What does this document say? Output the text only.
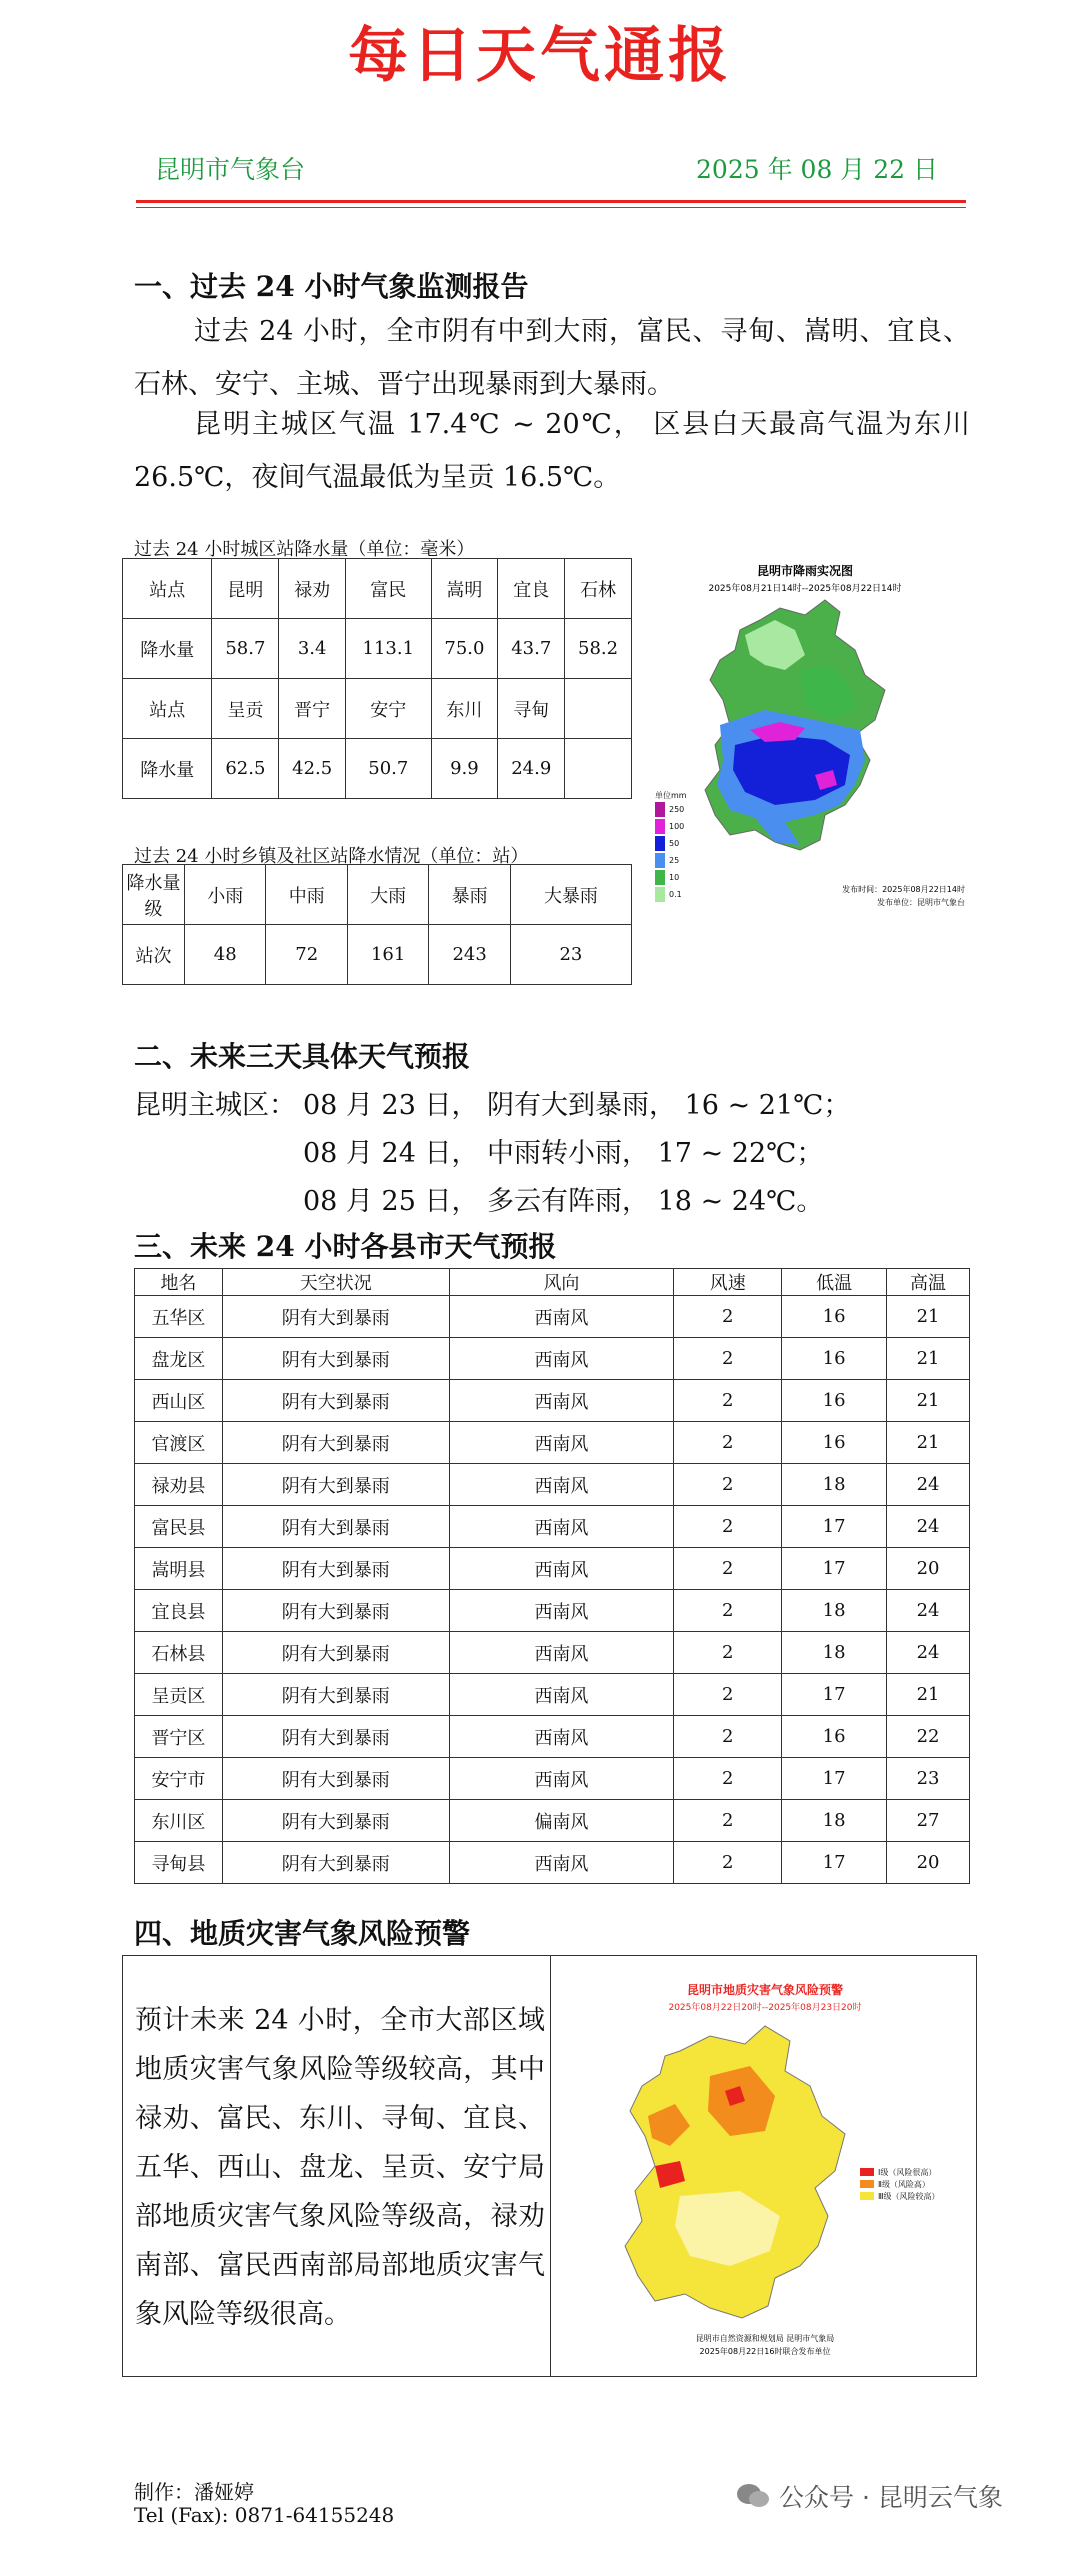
每日天气通报
昆明市气象台	2025 年 08 月 22 日
一、过去 24 小时气象监测报告
过去 24 小时，全市阴有中到大雨，富民、寻甸、嵩明、宜良、石林、安宁、主城、晋宁出现暴雨到大暴雨。
昆明主城区气温 17.4℃ ~ 20℃， 区县白天最高气温为东川 26.5℃，夜间气温最低为呈贡 16.5℃。
过去 24 小时城区站降水量（单位：毫米）
站点	昆明	禄劝	富民	嵩明	宜良	石林
降水量	58.7	3.4	113.1	75.0	43.7	58.2
站点	呈贡	晋宁	安宁	东川	寻甸	
降水量	62.5	42.5	50.7	9.9	24.9	
过去 24 小时乡镇及社区站降水情况（单位：站）
降水量级	小雨	中雨	大雨	暴雨	大暴雨
站次	48	72	161	243	23
昆明市降雨实况图
2025年08月21日14时--2025年08月22日14时
发布时间：2025年08月22日14时
发布单位：昆明市气象台
单位mm
250
100
50
25
10
0.1
二、未来三天具体天气预报
昆明主城区： 08 月 23 日， 阴有大到暴雨， 16 ~ 21℃；
08 月 24 日， 中雨转小雨， 17 ~ 22℃；
08 月 25 日， 多云有阵雨， 18 ~ 24℃。
三、未来 24 小时各县市天气预报
地名	天空状况	风向	风速	低温	高温
五华区	阴有大到暴雨	西南风	2	16	21
盘龙区	阴有大到暴雨	西南风	2	16	21
西山区	阴有大到暴雨	西南风	2	16	21
官渡区	阴有大到暴雨	西南风	2	16	21
禄劝县	阴有大到暴雨	西南风	2	18	24
富民县	阴有大到暴雨	西南风	2	17	24
嵩明县	阴有大到暴雨	西南风	2	17	20
宜良县	阴有大到暴雨	西南风	2	18	24
石林县	阴有大到暴雨	西南风	2	18	24
呈贡区	阴有大到暴雨	西南风	2	17	21
晋宁区	阴有大到暴雨	西南风	2	16	22
安宁市	阴有大到暴雨	西南风	2	17	23
东川区	阴有大到暴雨	偏南风	2	18	27
寻甸县	阴有大到暴雨	西南风	2	17	20
四、地质灾害气象风险预警
预计未来 24 小时，全市大部区域地质灾害气象风险等级较高，其中禄劝、富民、东川、寻甸、宜良、五华、西山、盘龙、呈贡、安宁局部地质灾害气象风险等级高，禄劝南部、富民西南部局部地质灾害气象风险等级很高。
昆明市地质灾害气象风险预警
2025年08月22日20时--2025年08月23日20时
昆明市自然资源和规划局 昆明市气象局
2025年08月22日16时联合发布单位
Ⅰ级（风险很高）
Ⅱ级（风险高）
Ⅲ级（风险较高）
制作：潘娅婷	公众号 · 昆明云气象
Tel (Fax): 0871-64155248
